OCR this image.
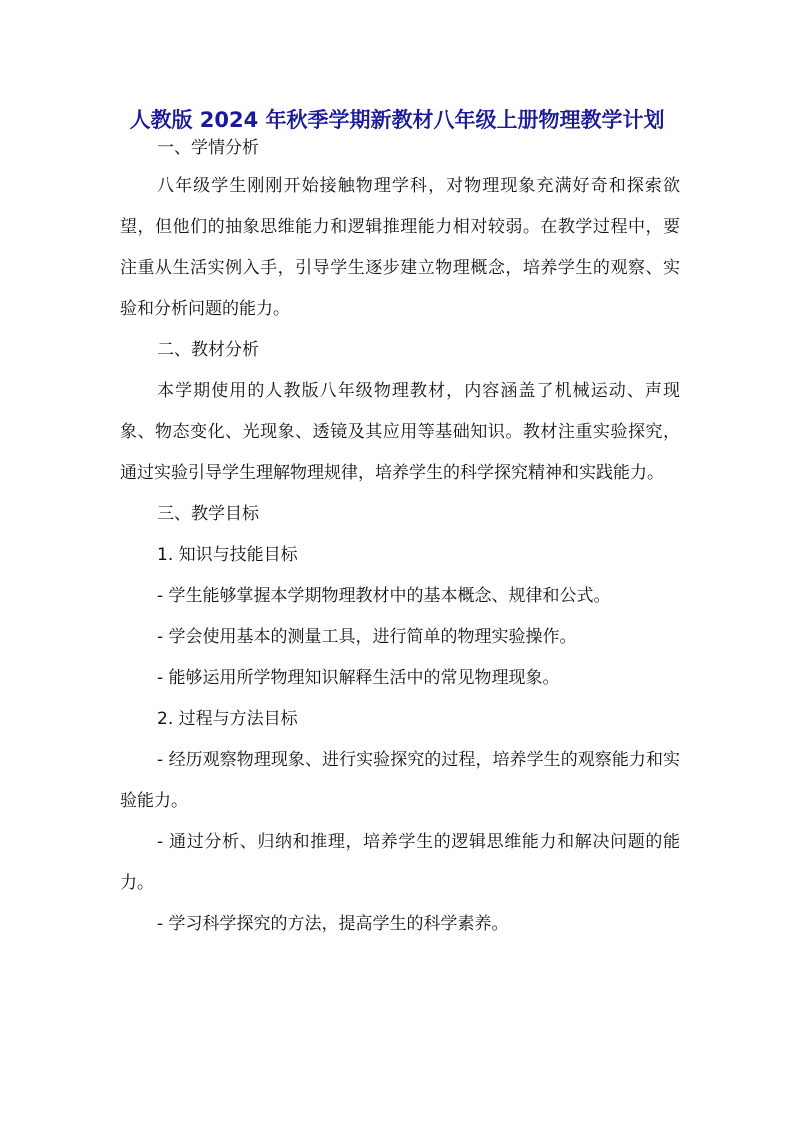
人教版 2024 年秋季学期新教材八年级上册物理教学计划

一、学情分析

八年级学生刚刚开始接触物理学科，对物理现象充满好奇和探索欲望，但他们的抽象思维能力和逻辑推理能力相对较弱。在教学过程中，要注重从生活实例入手，引导学生逐步建立物理概念，培养学生的观察、实验和分析问题的能力。

二、教材分析

本学期使用的人教版八年级物理教材，内容涵盖了机械运动、声现象、物态变化、光现象、透镜及其应用等基础知识。教材注重实验探究，通过实验引导学生理解物理规律，培养学生的科学探究精神和实践能力。

三、教学目标

1. 知识与技能目标

- 学生能够掌握本学期物理教材中的基本概念、规律和公式。

- 学会使用基本的测量工具，进行简单的物理实验操作。

- 能够运用所学物理知识解释生活中的常见物理现象。

2. 过程与方法目标

- 经历观察物理现象、进行实验探究的过程，培养学生的观察能力和实验能力。

- 通过分析、归纳和推理，培养学生的逻辑思维能力和解决问题的能力。

- 学习科学探究的方法，提高学生的科学素养。
